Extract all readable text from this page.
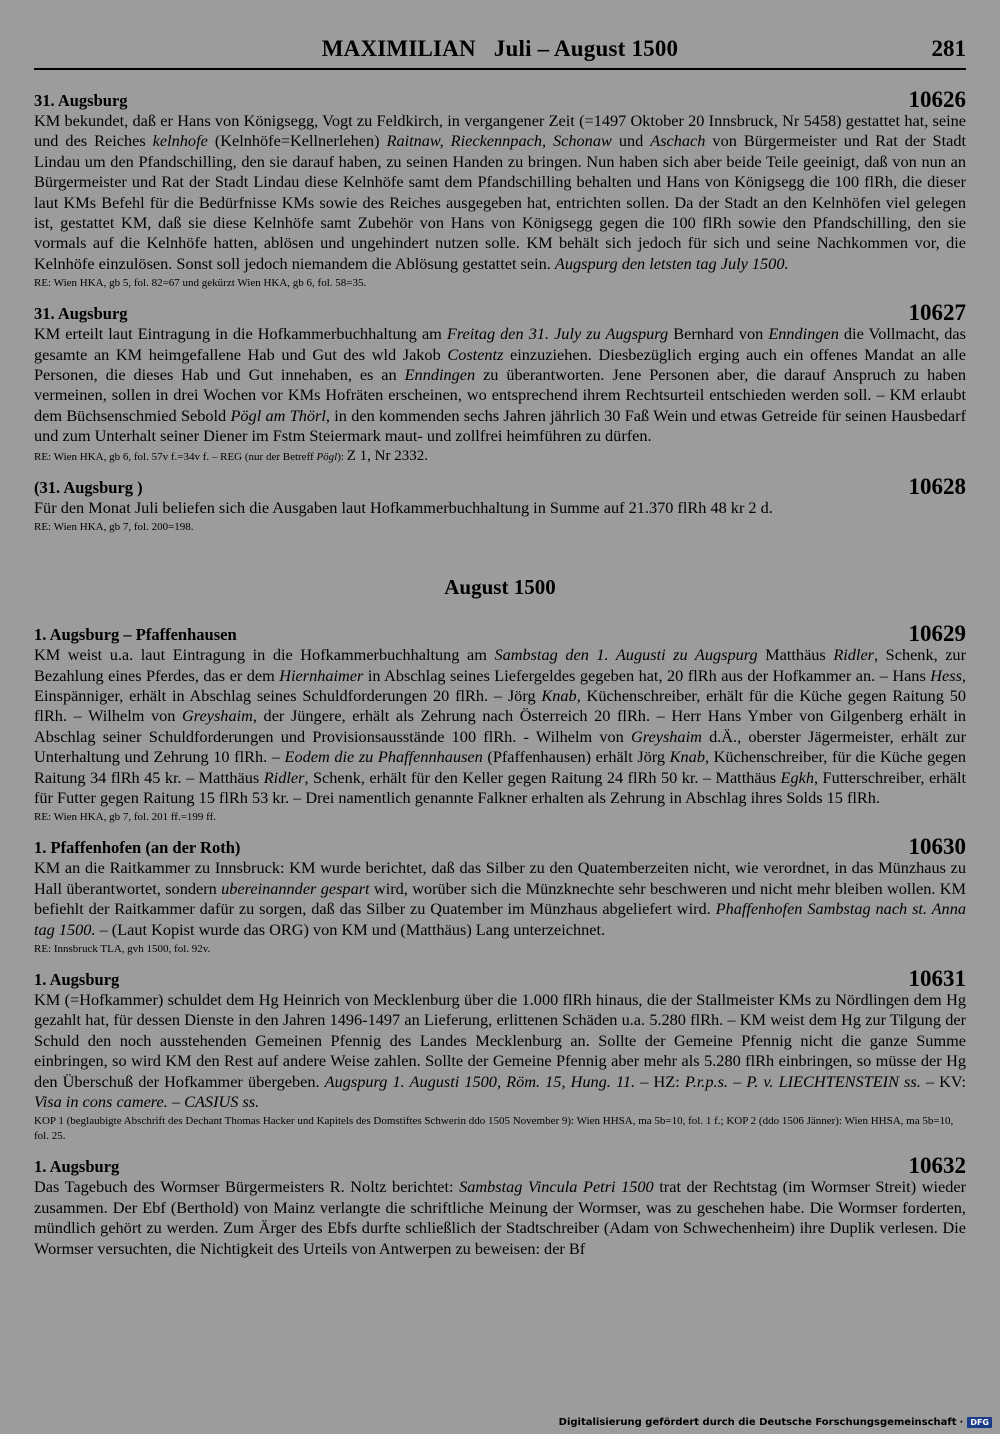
MAXIMILIAN Juli – August 1500	281
31. Augsburg	10626
KM bekundet, daß er Hans von Königsegg, Vogt zu Feldkirch, in vergangener Zeit (=1497 Oktober 20 Innsbruck, Nr 5458) gestattet hat, seine und des Reiches kelnhofe (Kelnhöfe=Kellnerlehen) Raitnaw, Rieckennpach, Schonaw und Aschach von Bürgermeister und Rat der Stadt Lindau um den Pfandschilling, den sie darauf haben, zu seinen Handen zu bringen. Nun haben sich aber beide Teile geeinigt, daß von nun an Bürgermeister und Rat der Stadt Lindau diese Kelnhöfe samt dem Pfandschilling behalten und Hans von Königsegg die 100 flRh, die dieser laut KMs Befehl für die Bedürfnisse KMs sowie des Reiches ausgegeben hat, entrichten sollen. Da der Stadt an den Kelnhöfen viel gelegen ist, gestattet KM, daß sie diese Kelnhöfe samt Zubehör von Hans von Königsegg gegen die 100 flRh sowie den Pfandschilling, den sie vormals auf die Kelnhöfe hatten, ablösen und ungehindert nutzen solle. KM behält sich jedoch für sich und seine Nachkommen vor, die Kelnhöfe einzulösen. Sonst soll jedoch niemandem die Ablösung gestattet sein. Augspurg den letsten tag July 1500.
RE: Wien HKA, gb 5, fol. 82=67 und gekürzt Wien HKA, gb 6, fol. 58=35.
31. Augsburg	10627
KM erteilt laut Eintragung in die Hofkammerbuchhaltung am Freitag den 31. July zu Augspurg Bernhard von Enndingen die Vollmacht, das gesamte an KM heimgefallene Hab und Gut des wld Jakob Costentz einzuziehen. Diesbezüglich erging auch ein offenes Mandat an alle Personen, die dieses Hab und Gut innehaben, es an Enndingen zu überantworten. Jene Personen aber, die darauf Anspruch zu haben vermeinen, sollen in drei Wochen vor KMs Hofräten erscheinen, wo entsprechend ihrem Rechtsurteil entschieden werden soll. – KM erlaubt dem Büchsenschmied Sebold Pögl am Thörl, in den kommenden sechs Jahren jährlich 30 Faß Wein und etwas Getreide für seinen Hausbedarf und zum Unterhalt seiner Diener im Fstm Steiermark maut- und zollfrei heimführen zu dürfen.
RE: Wien HKA, gb 6, fol. 57v f.=34v f. – REG (nur der Betreff Pögl): Z 1, Nr 2332.
(31. Augsburg )	10628
Für den Monat Juli beliefen sich die Ausgaben laut Hofkammerbuchhaltung in Summe auf 21.370 flRh 48 kr 2 d.
RE: Wien HKA, gb 7, fol. 200=198.
August 1500
1. Augsburg – Pfaffenhausen	10629
KM weist u.a. laut Eintragung in die Hofkammerbuchhaltung am Sambstag den 1. Augusti zu Augspurg Matthäus Ridler, Schenk, zur Bezahlung eines Pferdes, das er dem Hiernhaimer in Abschlag seines Liefergeldes gegeben hat, 20 flRh aus der Hofkammer an. – Hans Hess, Einspänniger, erhält in Abschlag seines Schuldforderungen 20 flRh. – Jörg Knab, Küchenschreiber, erhält für die Küche gegen Raitung 50 flRh. – Wilhelm von Greyshaim, der Jüngere, erhält als Zehrung nach Österreich 20 flRh. – Herr Hans Ymber von Gilgenberg erhält in Abschlag seiner Schuldforderungen und Provisionsausstände 100 flRh. - Wilhelm von Greyshaim d.Ä., oberster Jägermeister, erhält zur Unterhaltung und Zehrung 10 flRh. – Eodem die zu Phaffennhausen (Pfaffenhausen) erhält Jörg Knab, Küchenschreiber, für die Küche gegen Raitung 34 flRh 45 kr. – Matthäus Ridler, Schenk, erhält für den Keller gegen Raitung 24 flRh 50 kr. – Matthäus Egkh, Futterschreiber, erhält für Futter gegen Raitung 15 flRh 53 kr. – Drei namentlich genannte Falkner erhalten als Zehrung in Abschlag ihres Solds 15 flRh.
RE: Wien HKA, gb 7, fol. 201 ff.=199 ff.
1. Pfaffenhofen (an der Roth)	10630
KM an die Raitkammer zu Innsbruck: KM wurde berichtet, daß das Silber zu den Quatemberzeiten nicht, wie verordnet, in das Münzhaus zu Hall überantwortet, sondern ubereinannder gespart wird, worüber sich die Münzknechte sehr beschweren und nicht mehr bleiben wollen. KM befiehlt der Raitkammer dafür zu sorgen, daß das Silber zu Quatember im Münzhaus abgeliefert wird. Phaffenhofen Sambstag nach st. Anna tag 1500. – (Laut Kopist wurde das ORG) von KM und (Matthäus) Lang unterzeichnet.
RE: Innsbruck TLA, gvh 1500, fol. 92v.
1. Augsburg	10631
KM (=Hofkammer) schuldet dem Hg Heinrich von Mecklenburg über die 1.000 flRh hinaus, die der Stallmeister KMs zu Nördlingen dem Hg gezahlt hat, für dessen Dienste in den Jahren 1496-1497 an Lieferung, erlittenen Schäden u.a. 5.280 flRh. – KM weist dem Hg zur Tilgung der Schuld den noch ausstehenden Gemeinen Pfennig des Landes Mecklenburg an. Sollte der Gemeine Pfennig nicht die ganze Summe einbringen, so wird KM den Rest auf andere Weise zahlen. Sollte der Gemeine Pfennig aber mehr als 5.280 flRh einbringen, so müsse der Hg den Überschuß der Hofkammer übergeben. Augspurg 1. Augusti 1500, Röm. 15, Hung. 11. – HZ: P.r.p.s. – P. v. LIECHTENSTEIN ss. – KV: Visa in cons camere. – CASIUS ss.
KOP 1 (beglaubigte Abschrift des Dechant Thomas Hacker und Kapitels des Domstiftes Schwerin ddo 1505 November 9): Wien HHSA, ma 5b=10, fol. 1 f.; KOP 2 (ddo 1506 Jänner): Wien HHSA, ma 5b=10, fol. 25.
1. Augsburg	10632
Das Tagebuch des Wormser Bürgermeisters R. Noltz berichtet: Sambstag Vincula Petri 1500 trat der Rechtstag (im Wormser Streit) wieder zusammen. Der Ebf (Berthold) von Mainz verlangte die schriftliche Meinung der Wormser, was zu geschehen habe. Die Wormser forderten, mündlich gehört zu werden. Zum Ärger des Ebfs durfte schließlich der Stadtschreiber (Adam von Schwechenheim) ihre Duplik verlesen. Die Wormser versuchten, die Nichtigkeit des Urteils von Antwerpen zu beweisen: der Bf
Digitalisierung gefördert durch die Deutsche Forschungsgemeinschaft · DFG
